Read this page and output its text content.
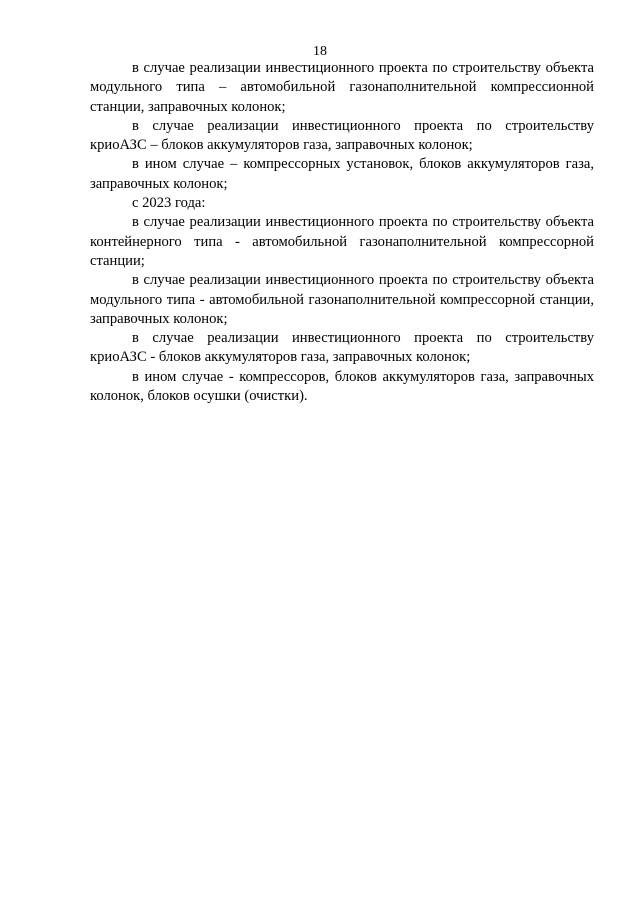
18

в случае реализации инвестиционного проекта по строительству объекта модульного типа – автомобильной газонаполнительной компрессионной станции, заправочных колонок;

в случае реализации инвестиционного проекта по строительству криоАЗС – блоков аккумуляторов газа, заправочных колонок;

в ином случае – компрессорных установок, блоков аккумуляторов газа, заправочных колонок;

с 2023 года:

в случае реализации инвестиционного проекта по строительству объекта контейнерного типа - автомобильной газонаполнительной компрессорной станции;

в случае реализации инвестиционного проекта по строительству объекта модульного типа - автомобильной газонаполнительной компрессорной станции, заправочных колонок;

в случае реализации инвестиционного проекта по строительству криоАЗС - блоков аккумуляторов газа, заправочных колонок;

в ином случае - компрессоров, блоков аккумуляторов газа, заправочных колонок, блоков осушки (очистки).
